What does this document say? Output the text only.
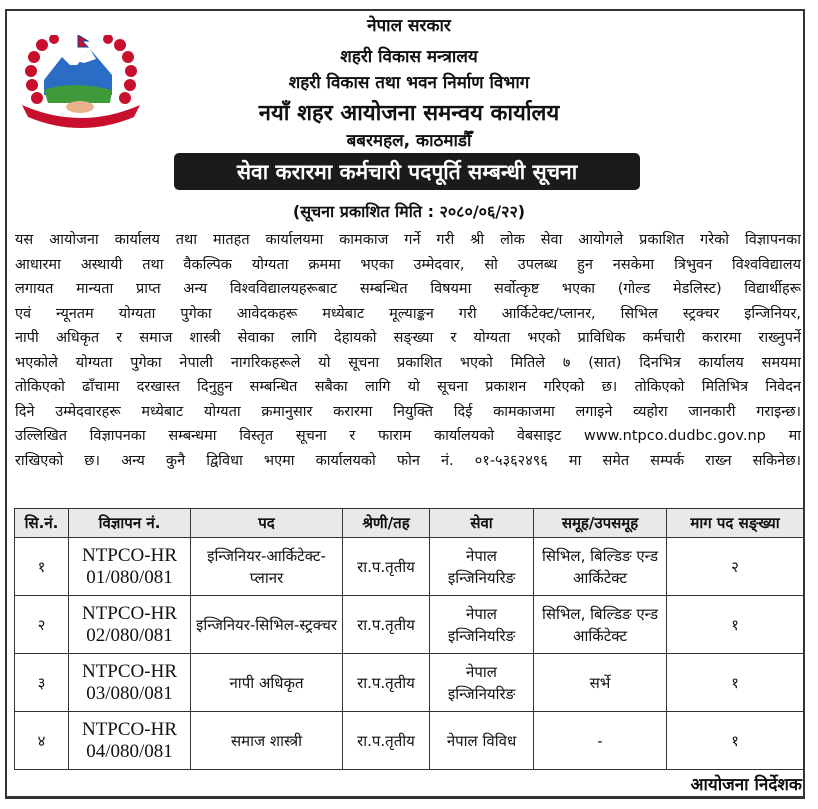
नेपाल सरकार
शहरी विकास मन्त्रालय
शहरी विकास तथा भवन निर्माण विभाग
नयाँ शहर आयोजना समन्वय कार्यालय
बबरमहल, काठमाडौँ
सेवा करारमा कर्मचारी पदपूर्ति सम्बन्धी सूचना
(सूचना प्रकाशित मिति : २०८०/०६/२२)
यस आयोजना कार्यालय तथा मातहत कार्यालयमा कामकाज गर्ने गरी श्री लोक सेवा आयोगले प्रकाशित गरेको विज्ञापनका
आधारमा अस्थायी तथा वैकल्पिक योग्यता क्रममा भएका उम्मेदवार, सो उपलब्ध हुन नसकेमा त्रिभुवन विश्वविद्यालय
लगायत मान्यता प्राप्त अन्य विश्वविद्यालयहरूबाट सम्बन्धित विषयमा सर्वोत्कृष्ट भएका (गोल्ड मेडलिस्ट) विद्यार्थीहरू
एवं न्यूनतम योग्यता पुगेका आवेदकहरू मध्येबाट मूल्याङ्कन गरी आर्किटेक्ट/प्लानर, सिभिल स्ट्रक्चर इन्जिनियर,
नापी अधिकृत र समाज शास्त्री सेवाका लागि देहायको सङ्ख्या र योग्यता भएको प्राविधिक कर्मचारी करारमा राख्नुपर्ने
भएकोले योग्यता पुगेका नेपाली नागरिकहरूले यो सूचना प्रकाशित भएको मितिले ७ (सात) दिनभित्र कार्यालय समयमा
तोकिएको ढाँचामा दरखास्त दिनुहुन सम्बन्धित सबैका लागि यो सूचना प्रकाशन गरिएको छ। तोकिएको मितिभित्र निवेदन
दिने उम्मेदवारहरू मध्येबाट योग्यता क्रमानुसार करारमा नियुक्ति दिई कामकाजमा लगाइने व्यहोरा जानकारी गराइन्छ।
उल्लिखित विज्ञापनका सम्बन्धमा विस्तृत सूचना र फाराम कार्यालयको वेबसाइट www.ntpco.dudbc.gov.np मा
राखिएको छ। अन्य कुनै द्विविधा भएमा कार्यालयको फोन नं. ०१-५३६२४९६ मा समेत सम्पर्क राख्न सकिनेछ।
सि.नं.	विज्ञापन नं.	पद	श्रेणी/तह	सेवा	समूह/उपसमूह	माग पद सङ्ख्या
१	NTPCO-HR 01/080/081	इन्जिनियर-आर्किटेक्ट-प्लानर	रा.प.तृतीय	नेपाल इन्जिनियरिङ	सिभिल, बिल्डिङ एन्ड आर्किटेक्ट	२
२	NTPCO-HR 02/080/081	इन्जिनियर-सिभिल-स्ट्रक्चर	रा.प.तृतीय	नेपाल इन्जिनियरिङ	सिभिल, बिल्डिङ एन्ड आर्किटेक्ट	१
३	NTPCO-HR 03/080/081	नापी अधिकृत	रा.प.तृतीय	नेपाल इन्जिनियरिङ	सर्भे	१
४	NTPCO-HR 04/080/081	समाज शास्त्री	रा.प.तृतीय	नेपाल विविध	-	१
आयोजना निर्देशक
